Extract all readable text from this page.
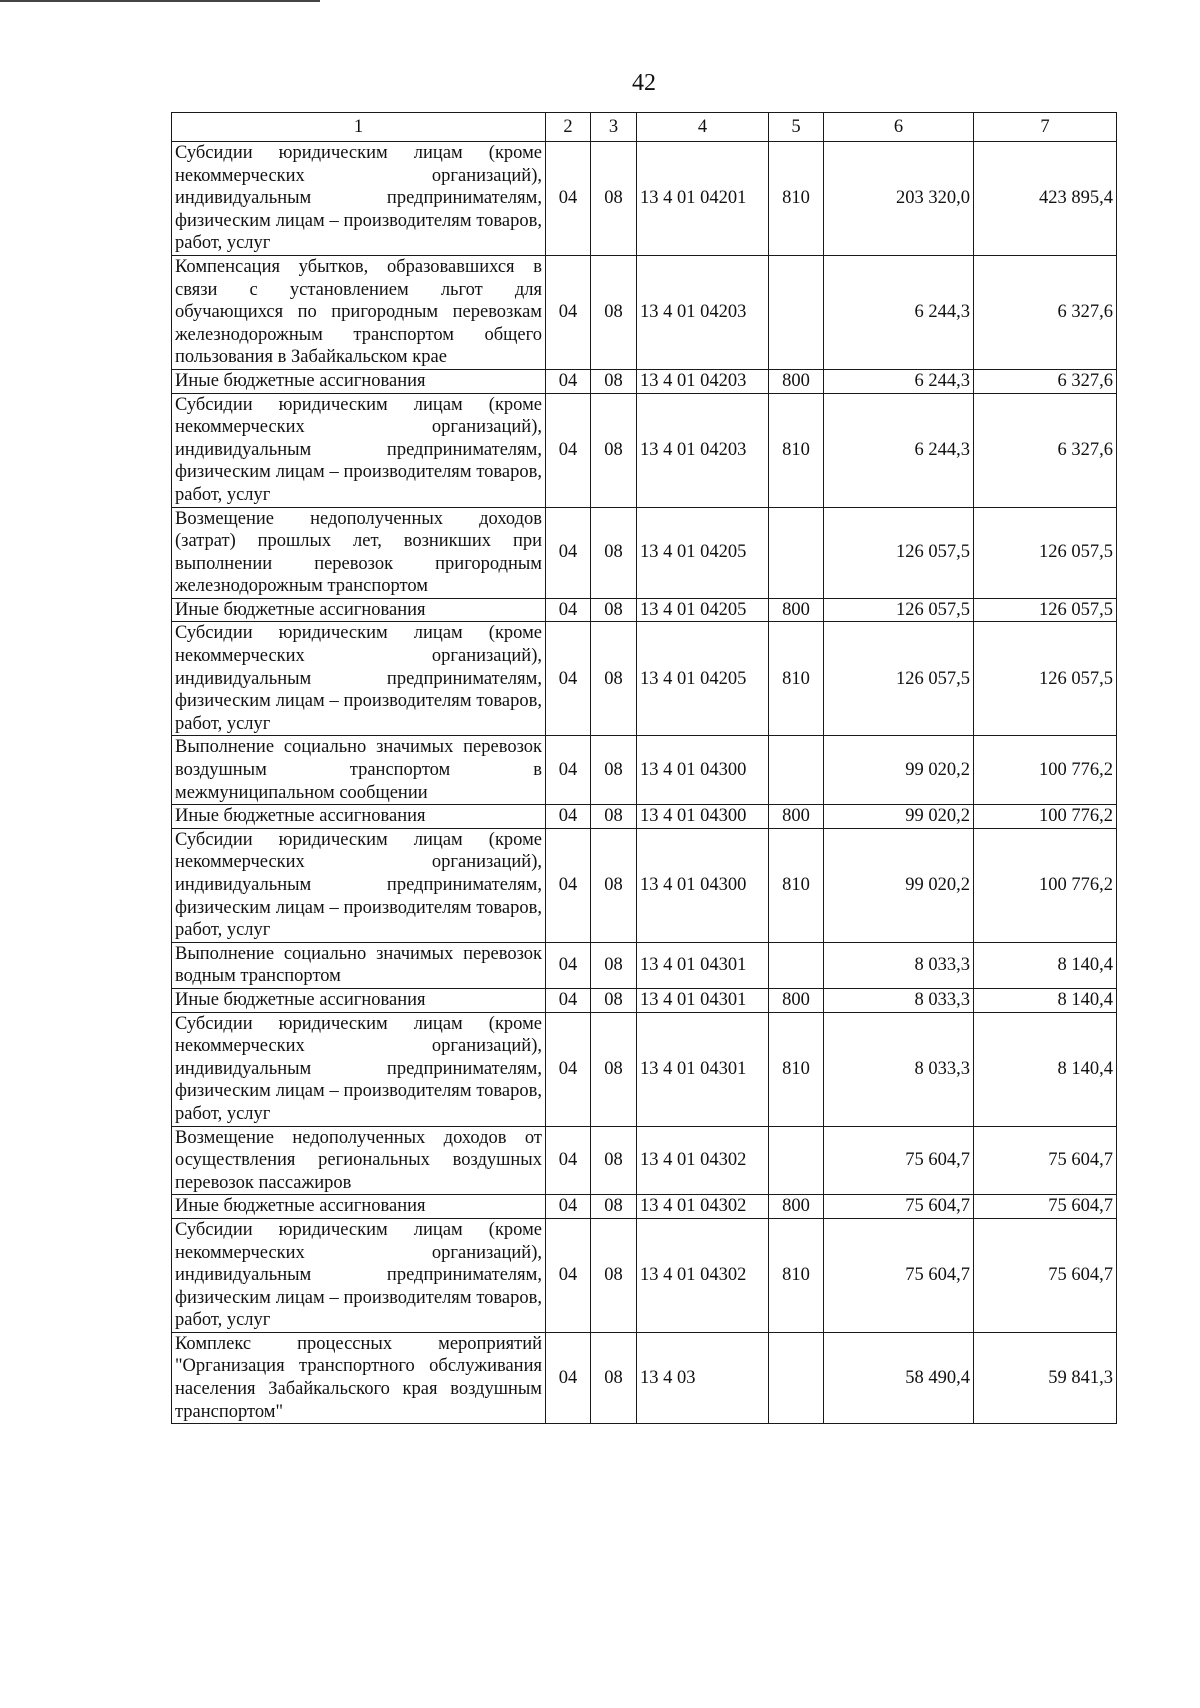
42
1	2	3	4	5	6	7
Субсидии юридическим лицам (кроме некоммерческих организаций), индивидуальным предпринимателям, физическим лицам – производителям товаров, работ, услуг	04	08	13 4 01 04201	810	203 320,0	423 895,4
Компенсация убытков, образовавшихся в связи с установлением льгот для обучающихся по пригородным перевозкам железнодорожным транспортом общего пользования в Забайкальском крае	04	08	13 4 01 04203		6 244,3	6 327,6
Иные бюджетные ассигнования	04	08	13 4 01 04203	800	6 244,3	6 327,6
Субсидии юридическим лицам (кроме некоммерческих организаций), индивидуальным предпринимателям, физическим лицам – производителям товаров, работ, услуг	04	08	13 4 01 04203	810	6 244,3	6 327,6
Возмещение недополученных доходов (затрат) прошлых лет, возникших при выполнении перевозок пригородным железнодорожным транспортом	04	08	13 4 01 04205		126 057,5	126 057,5
Иные бюджетные ассигнования	04	08	13 4 01 04205	800	126 057,5	126 057,5
Субсидии юридическим лицам (кроме некоммерческих организаций), индивидуальным предпринимателям, физическим лицам – производителям товаров, работ, услуг	04	08	13 4 01 04205	810	126 057,5	126 057,5
Выполнение социально значимых перевозок воздушным транспортом в межмуниципальном сообщении	04	08	13 4 01 04300		99 020,2	100 776,2
Иные бюджетные ассигнования	04	08	13 4 01 04300	800	99 020,2	100 776,2
Субсидии юридическим лицам (кроме некоммерческих организаций), индивидуальным предпринимателям, физическим лицам – производителям товаров, работ, услуг	04	08	13 4 01 04300	810	99 020,2	100 776,2
Выполнение социально значимых перевозок водным транспортом	04	08	13 4 01 04301		8 033,3	8 140,4
Иные бюджетные ассигнования	04	08	13 4 01 04301	800	8 033,3	8 140,4
Субсидии юридическим лицам (кроме некоммерческих организаций), индивидуальным предпринимателям, физическим лицам – производителям товаров, работ, услуг	04	08	13 4 01 04301	810	8 033,3	8 140,4
Возмещение недополученных доходов от осуществления региональных воздушных перевозок пассажиров	04	08	13 4 01 04302		75 604,7	75 604,7
Иные бюджетные ассигнования	04	08	13 4 01 04302	800	75 604,7	75 604,7
Субсидии юридическим лицам (кроме некоммерческих организаций), индивидуальным предпринимателям, физическим лицам – производителям товаров, работ, услуг	04	08	13 4 01 04302	810	75 604,7	75 604,7
Комплекс процессных мероприятий "Организация транспортного обслуживания населения Забайкальского края воздушным транспортом"	04	08	13 4 03		58 490,4	59 841,3
